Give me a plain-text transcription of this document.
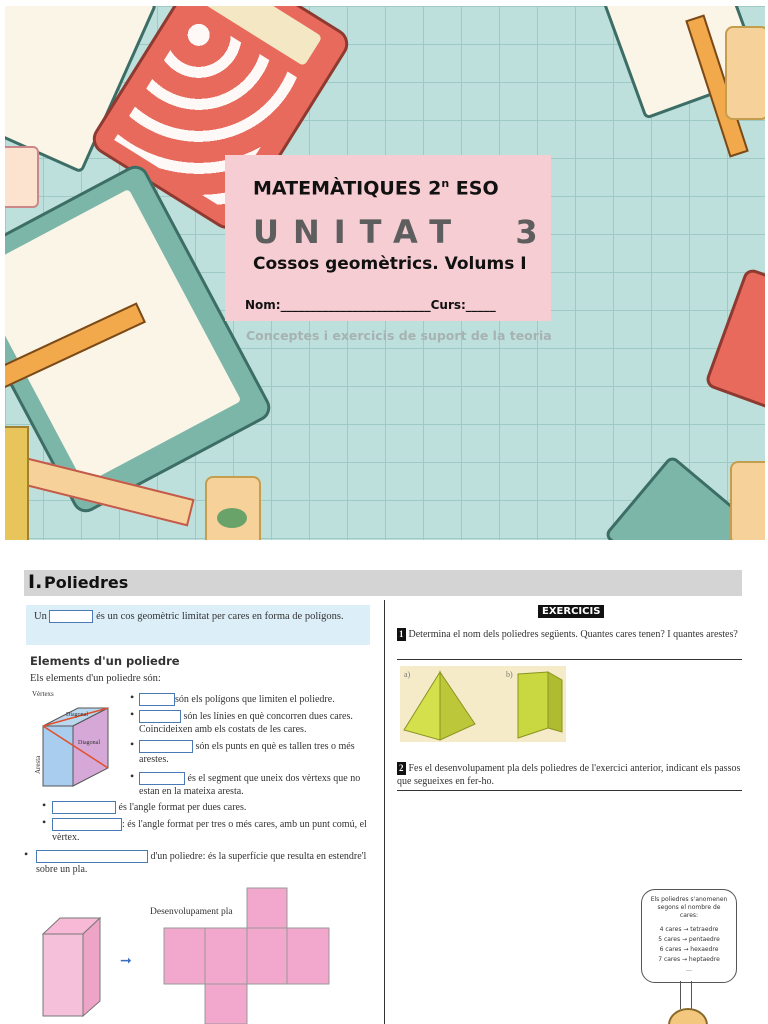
MATEMÀTIQUES 2$^n$ ESO
UNITAT  3
Cossos geomètrics. Volums I
Nom:_________________________Curs:_____
Conceptes i exercicis de suport de la teoria
I. Poliedres
Un	és un cos geomètric limitat per cares en forma de polígons.
Elements d'un poliedre
Els elements d'un poliedre són:
Vèrtexs
Diagonal
Diagonal
Aresta
•	són els polígons que limiten el poliedre.
•	són les línies en què concorren dues cares. Coincideixen amb els costats de les cares.
•	són els punts en què es tallen tres o més arestes.
•	és el segment que uneix dos vèrtexs que no estan en la mateixa aresta.
•	és l'angle format per dues cares.
•	: és l'angle format per tres o més cares, amb un punt comú, el vèrtex.
•	d'un poliedre: és la superfície que resulta en estendre'l sobre un pla.
➞
Desenvolupament pla
EXERCICIS
1 Determina el nom dels poliedres següents. Quantes cares tenen? I quantes arestes?
a)	b)
2 Fes el desenvolupament pla dels poliedres de l'exercici anterior, indicant els passos que segueixes en fer-ho.
Els poliedres s'anomenen segons el nombre de cares:
4 cares → tetraedre
5 cares → pentaedre
6 cares → hexaedre
7 cares → heptaedre
...
